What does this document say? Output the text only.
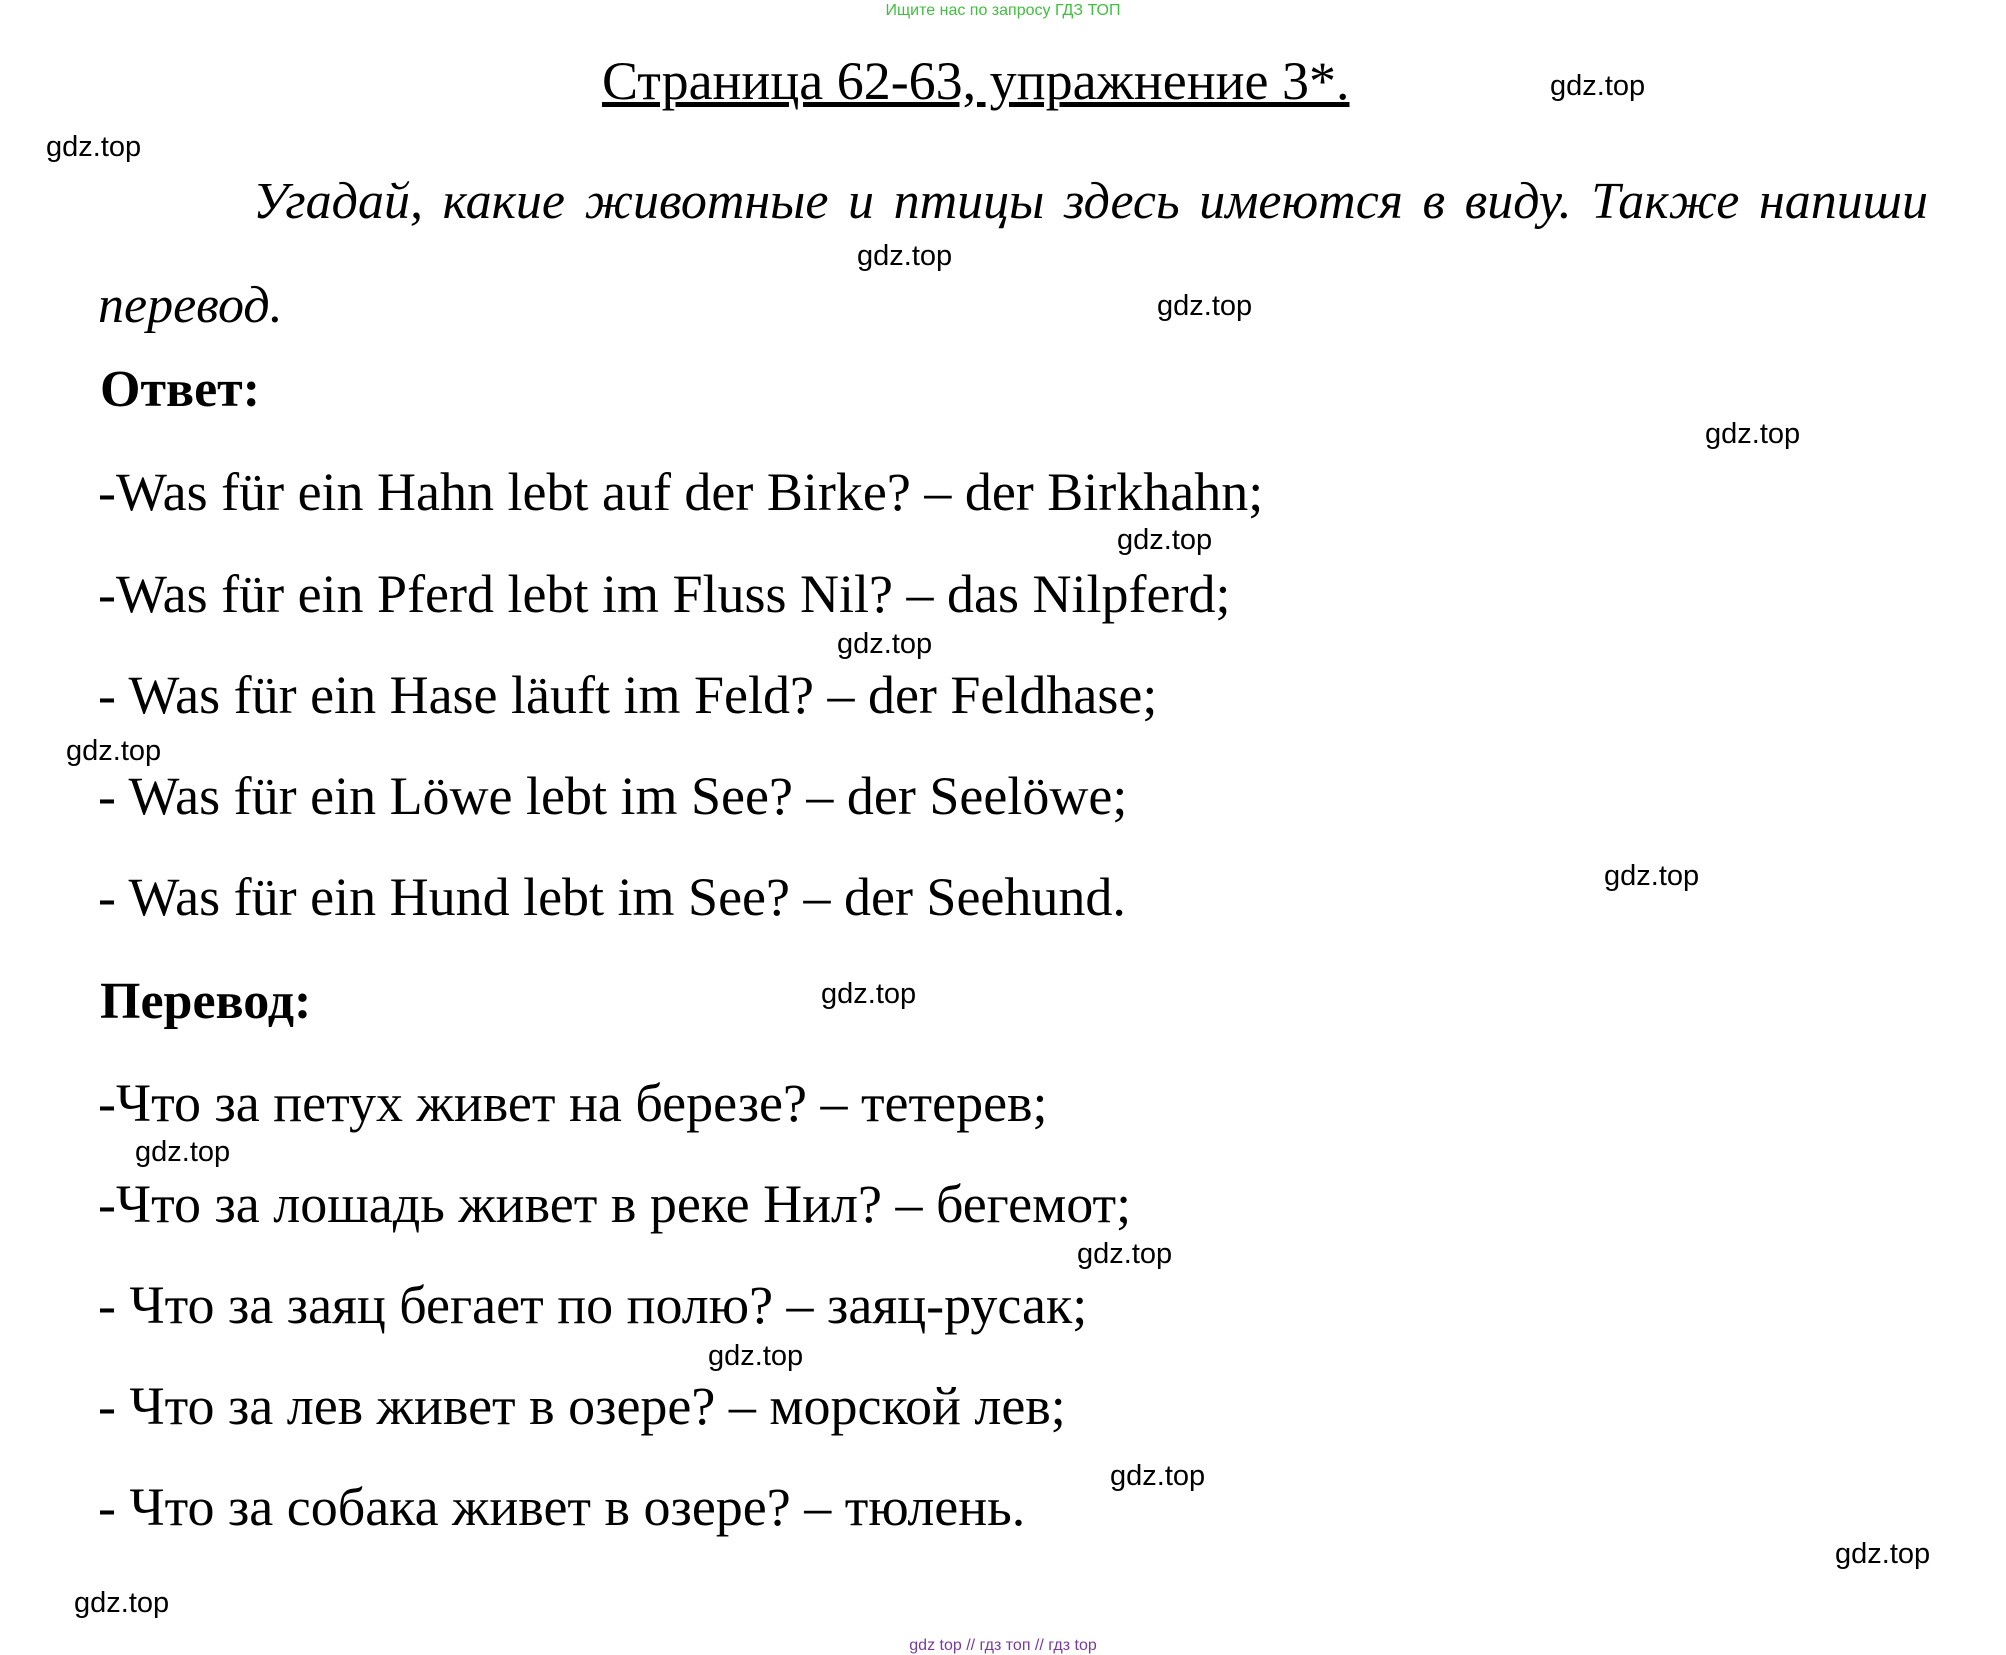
Ищите нас по запросу ГДЗ ТОП
Страница 62-63, упражнение 3*.
Угадай, какие животные и птицы здесь имеются в виду. Также напиши перевод.
Ответ:
-Was für ein Hahn lebt auf der Birke? – der Birkhahn;
-Was für ein Pferd lebt im Fluss Nil? – das Nilpferd;
- Was für ein Hase läuft im Feld? – der Feldhase;
- Was für ein Löwe lebt im See? – der Seelöwe;
- Was für ein Hund lebt im See? – der Seehund.
Перевод:
-Что за петух живет на березе? – тетерев;
-Что за лошадь живет в реке Нил? – бегемот;
- Что за заяц бегает по полю? – заяц-русак;
- Что за лев живет в озере? – морской лев;
- Что за собака живет в озере? – тюлень.
gdz.top
gdz.top
gdz.top
gdz.top
gdz.top
gdz.top
gdz.top
gdz.top
gdz.top
gdz.top
gdz.top
gdz.top
gdz.top
gdz.top
gdz.top
gdz.top
gdz top // гдз топ // гдз top
